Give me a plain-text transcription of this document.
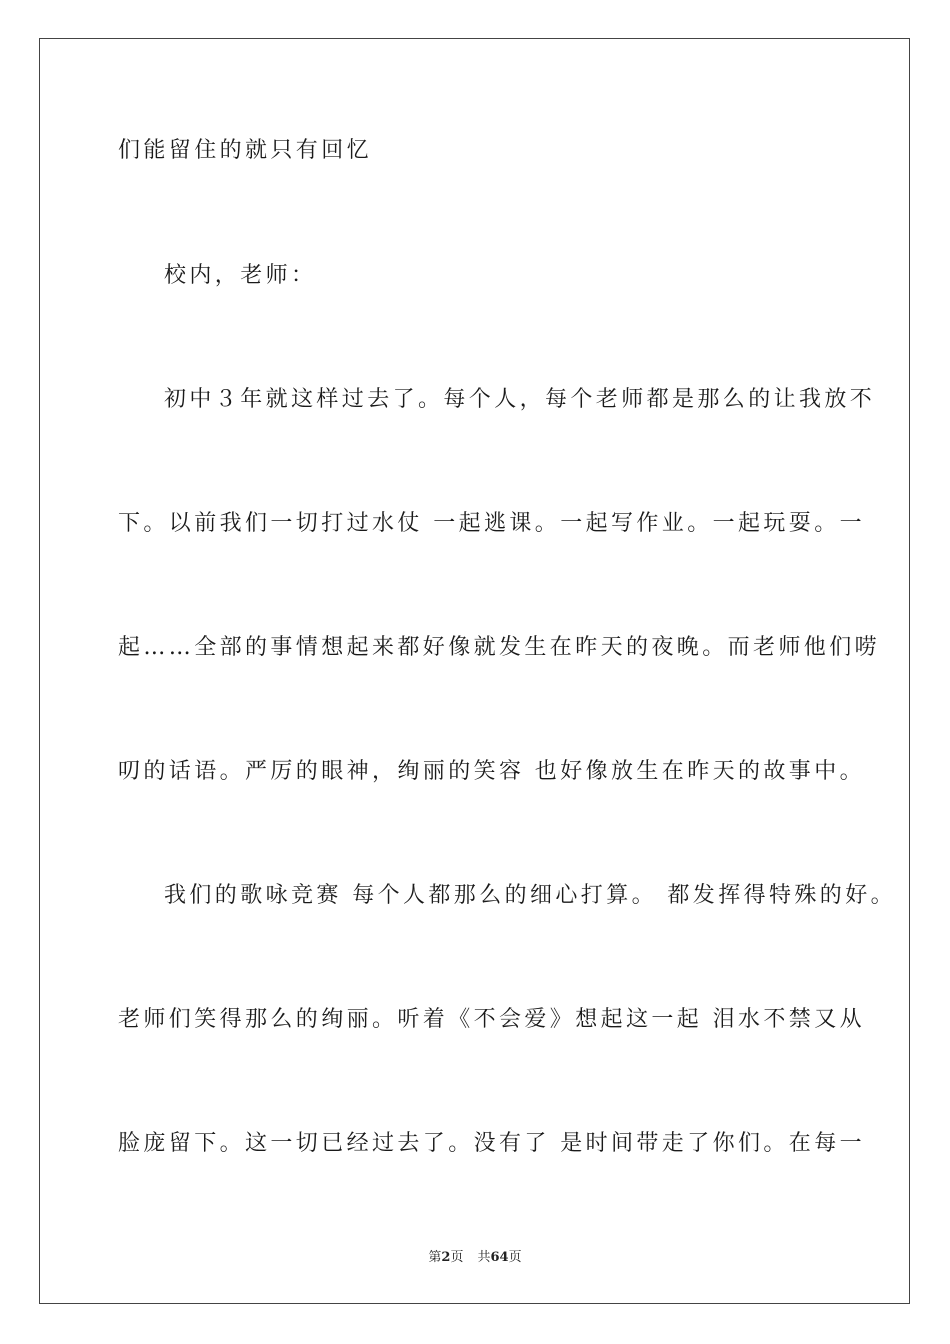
们能留住的就只有回忆
校内，老师：
初中３年就这样过去了。每个人，每个老师都是那么的让我放不
下。以前我们一切打过水仗 一起逃课。一起写作业。一起玩耍。一
起……全部的事情想起来都好像就发生在昨天的夜晚。而老师他们唠
叨的话语。严厉的眼神，绚丽的笑容 也好像放生在昨天的故事中。
我们的歌咏竞赛 每个人都那么的细心打算。 都发挥得特殊的好。
老师们笑得那么的绚丽。听着《不会爱》想起这一起 泪水不禁又从
脸庞留下。这一切已经过去了。没有了 是时间带走了你们。在每一
第2页 共64页
